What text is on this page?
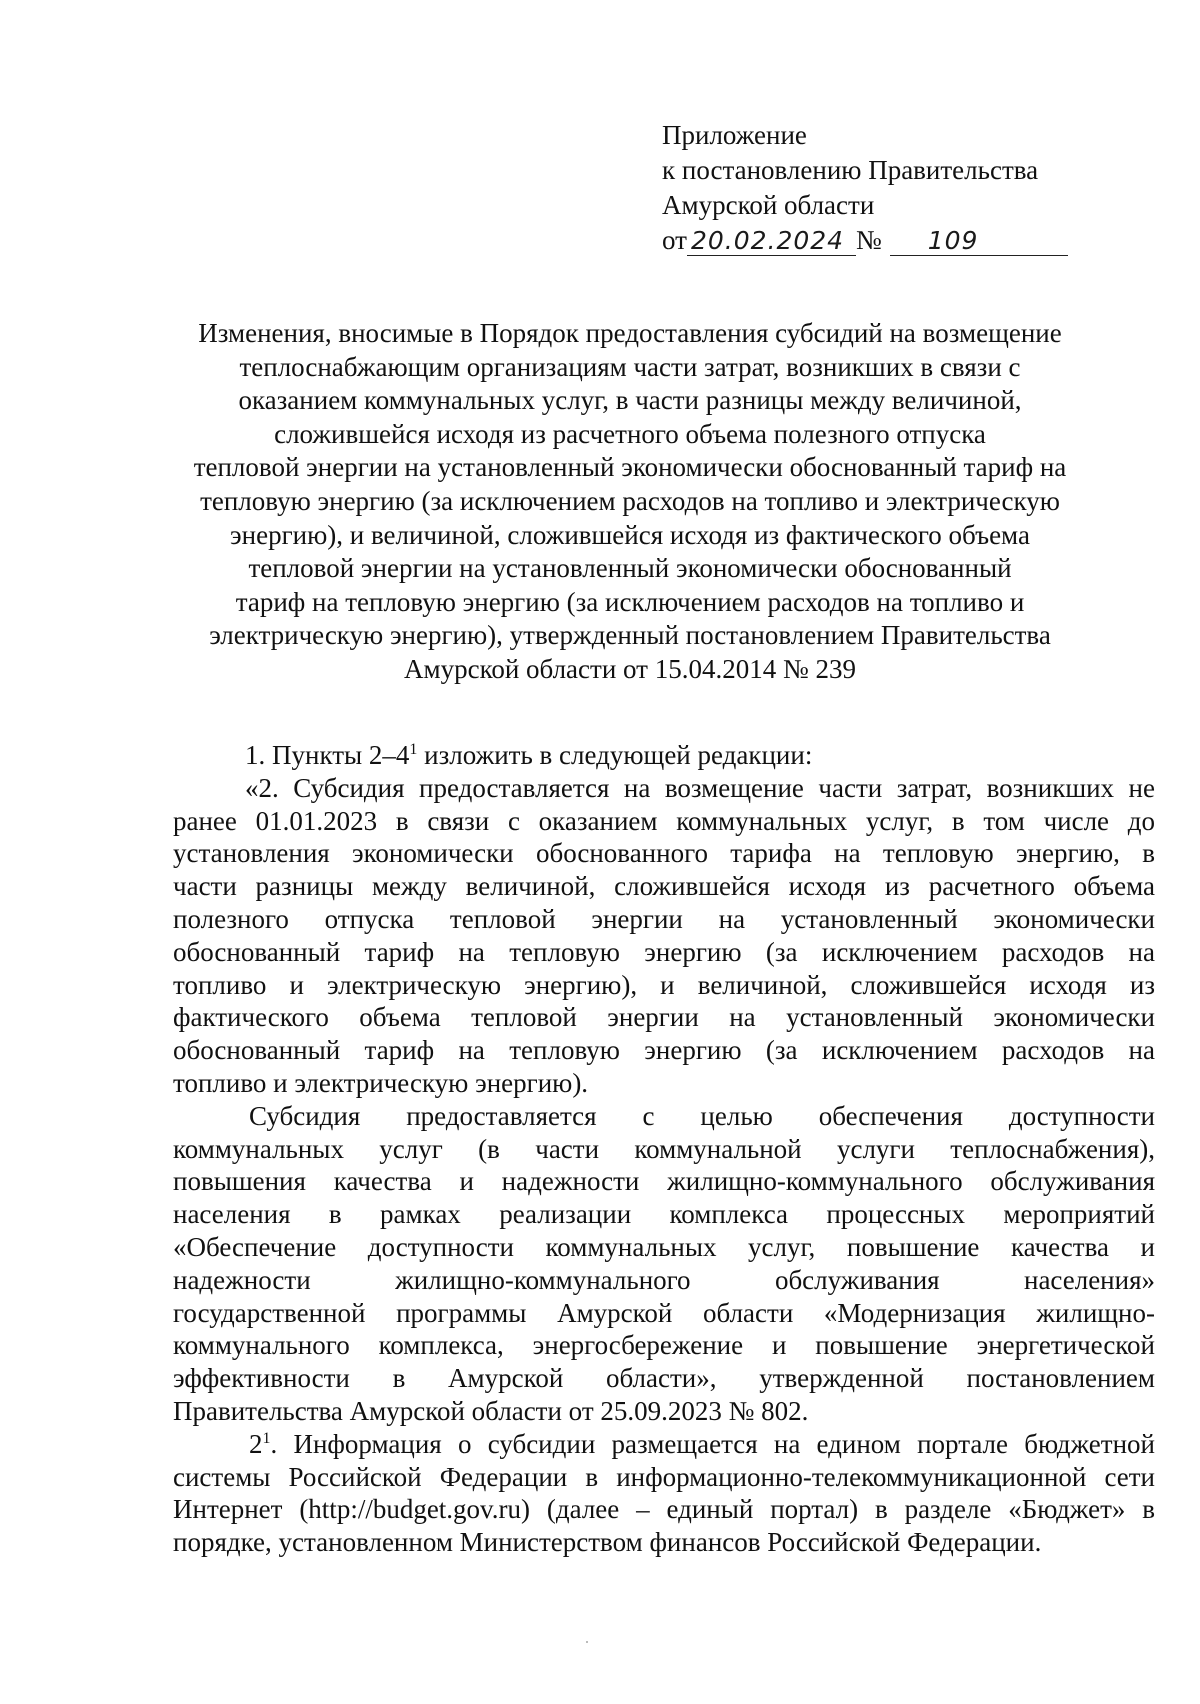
Приложение
к постановлению Правительства
Амурской области
от 20.02.2024 № 109
Изменения, вносимые в Порядок предоставления субсидий на возмещение
теплоснабжающим организациям части затрат, возникших в связи с
оказанием коммунальных услуг, в части разницы между величиной,
сложившейся исходя из расчетного объема полезного отпуска
тепловой энергии на установленный экономически обоснованный тариф на
тепловую энергию (за исключением расходов на топливо и электрическую
энергию), и величиной, сложившейся исходя из фактического объема
тепловой энергии на установленный экономически обоснованный
тариф на тепловую энергию (за исключением расходов на топливо и
электрическую энергию), утвержденный постановлением Правительства
Амурской области от 15.04.2014 № 239
1. Пункты $2-4^1$ изложить в следующей редакции:
«2. Субсидия предоставляется на возмещение части затрат, возникших не
ранее 01.01.2023 в связи с оказанием коммунальных услуг, в том числе до
установления экономически обоснованного тарифа на тепловую энергию, в
части разницы между величиной, сложившейся исходя из расчетного объема
полезного отпуска тепловой энергии на установленный экономически
обоснованный тариф на тепловую энергию (за исключением расходов на
топливо и электрическую энергию), и величиной, сложившейся исходя из
фактического объема тепловой энергии на установленный экономически
обоснованный тариф на тепловую энергию (за исключением расходов на
топливо и электрическую энергию).
Субсидия предоставляется с целью обеспечения доступности
коммунальных услуг (в части коммунальной услуги теплоснабжения),
повышения качества и надежности жилищно-коммунального обслуживания
населения в рамках реализации комплекса процессных мероприятий
«Обеспечение доступности коммунальных услуг, повышение качества и
надежности жилищно-коммунального обслуживания населения»
государственной программы Амурской области «Модернизация жилищно-
коммунального комплекса, энергосбережение и повышение энергетической
эффективности в Амурской области», утвержденной постановлением
Правительства Амурской области от 25.09.2023 № 802.
$2^1$. Информация о субсидии размещается на едином портале бюджетной
системы Российской Федерации в информационно-телекоммуникационной сети
Интернет (http://budget.gov.ru) (далее – единый портал) в разделе «Бюджет» в
порядке, установленном Министерством финансов Российской Федерации.
